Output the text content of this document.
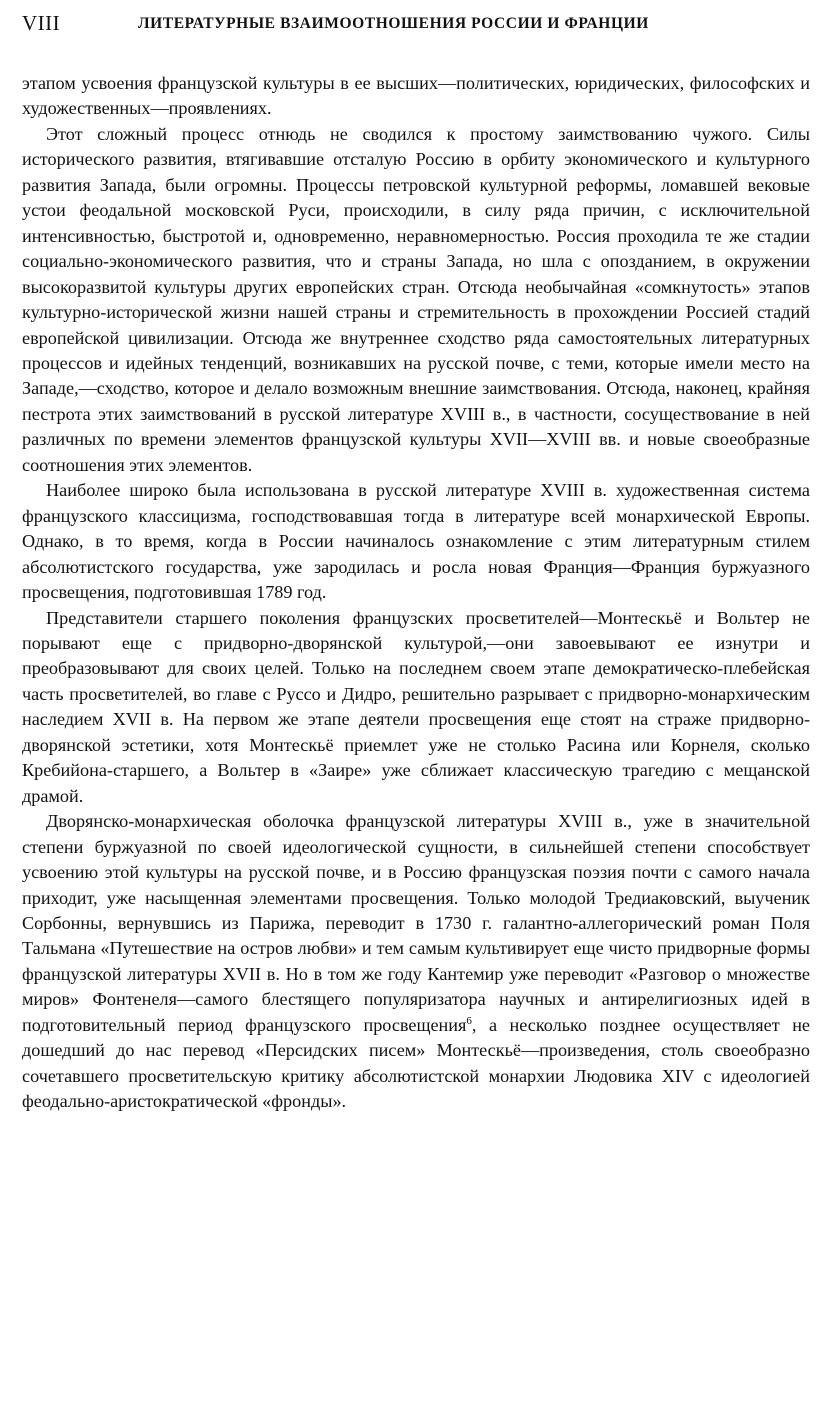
VIII	ЛИТЕРАТУРНЫЕ ВЗАИМООТНОШЕНИЯ РОССИИ И ФРАНЦИИ

этапом усвоения французской культуры в ее высших—политических, юридических, философских и художественных—проявлениях.

Этот сложный процесс отнюдь не сводился к простому заимствованию чужого. Силы исторического развития, втягивавшие отсталую Россию в орбиту экономического и культурного развития Запада, были огромны. Процессы петровской культурной реформы, ломавшей вековые устои феодальной московской Руси, происходили, в силу ряда причин, с исключительной интенсивностью, быстротой и, одновременно, неравномерностью. Россия проходила те же стадии социально-экономического развития, что и страны Запада, но шла с опозданием, в окружении высокоразвитой культуры других европейских стран. Отсюда необычайная «сомкнутость» этапов культурно-исторической жизни нашей страны и стремительность в прохождении Россией стадий европейской цивилизации. Отсюда же внутреннее сходство ряда самостоятельных литературных процессов и идейных тенденций, возникавших на русской почве, с теми, которые имели место на Западе,—сходство, которое и делало возможным внешние заимствования. Отсюда, наконец, крайняя пестрота этих заимствований в русской литературе XVIII в., в частности, сосуществование в ней различных по времени элементов французской культуры XVII—XVIII вв. и новые своеобразные соотношения этих элементов.

Наиболее широко была использована в русской литературе XVIII в. художественная система французского классицизма, господствовавшая тогда в литературе всей монархической Европы. Однако, в то время, когда в России начиналось ознакомление с этим литературным стилем абсолютистского государства, уже зародилась и росла новая Франция—Франция буржуазного просвещения, подготовившая 1789 год.

Представители старшего поколения французских просветителей—Монтескьё и Вольтер не порывают еще с придворно-дворянской культурой,—они завоевывают ее изнутри и преобразовывают для своих целей. Только на последнем своем этапе демократическо-плебейская часть просветителей, во главе с Руссо и Дидро, решительно разрывает с придворно-монархическим наследием XVII в. На первом же этапе деятели просвещения еще стоят на страже придворно-дворянской эстетики, хотя Монтескьё приемлет уже не столько Расина или Корнеля, сколько Кребийона-старшего, а Вольтер в «Заире» уже сближает классическую трагедию с мещанской драмой.

Дворянско-монархическая оболочка французской литературы XVIII в., уже в значительной степени буржуазной по своей идеологической сущности, в сильнейшей степени способствует усвоению этой культуры на русской почве, и в Россию французская поэзия почти с самого начала приходит, уже насыщенная элементами просвещения. Только молодой Тредиаковский, выученик Сорбонны, вернувшись из Парижа, переводит в 1730 г. галантно-аллегорический роман Поля Тальмана «Путешествие на остров любви» и тем самым культивирует еще чисто придворные формы французской литературы XVII в. Но в том же году Кантемир уже переводит «Разговор о множестве миров» Фонтенеля—самого блестящего популяризатора научных и антирелигиозных идей в подготовительный период французского просвещения$^6$, а несколько позднее осуществляет не дошедший до нас перевод «Персидских писем» Монтескьё—произведения, столь своеобразно сочетавшего просветительскую критику абсолютистской монархии Людовика XIV с идеологией феодально-аристократической «фронды».
